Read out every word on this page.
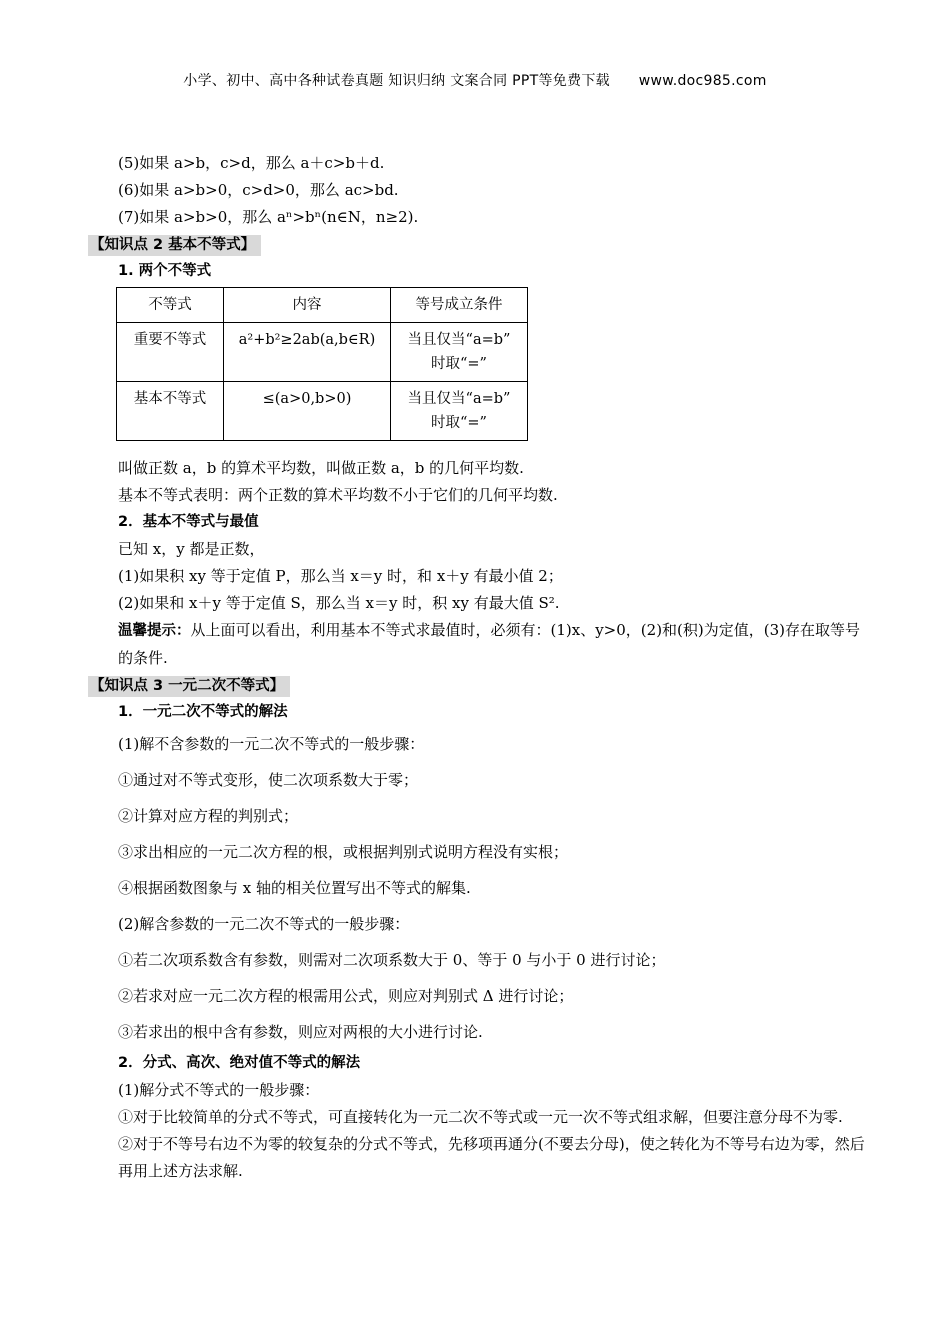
小学、初中、高中各种试卷真题 知识归纳 文案合同 PPT等免费下载 www.doc985.com
(5)如果 a>b，c>d，那么 a＋c>b＋d.
(6)如果 a>b>0，c>d>0，那么 ac>bd.
(7)如果 a>b>0，那么 aⁿ>bⁿ(n∈N，n≥2).
【知识点 2 基本不等式】
1. 两个不等式
不等式	内容	等号成立条件
重要不等式	a²+b²≥2ab(a,b∈R)	当且仅当“a=b”
时取“=”

基本不等式	≤(a>0,b>0)	当且仅当“a=b”
时取“=”
叫做正数 a，b 的算术平均数，叫做正数 a，b 的几何平均数.
基本不等式表明：两个正数的算术平均数不小于它们的几何平均数.
2．基本不等式与最值
已知 x，y 都是正数，
(1)如果积 xy 等于定值 P，那么当 x＝y 时，和 x＋y 有最小值 2；
(2)如果和 x＋y 等于定值 S，那么当 x＝y 时，积 xy 有最大值 S².
温馨提示：从上面可以看出，利用基本不等式求最值时，必须有：(1)x、y>0，(2)和(积)为定值，(3)存在取等号的条件.
【知识点 3 一元二次不等式】
1．一元二次不等式的解法
(1)解不含参数的一元二次不等式的一般步骤：
①通过对不等式变形，使二次项系数大于零；
②计算对应方程的判别式；
③求出相应的一元二次方程的根，或根据判别式说明方程没有实根；
④根据函数图象与 x 轴的相关位置写出不等式的解集.
(2)解含参数的一元二次不等式的一般步骤：
①若二次项系数含有参数，则需对二次项系数大于 0、等于 0 与小于 0 进行讨论；
②若求对应一元二次方程的根需用公式，则应对判别式 Δ 进行讨论；
③若求出的根中含有参数，则应对两根的大小进行讨论.
2．分式、高次、绝对值不等式的解法
(1)解分式不等式的一般步骤：
①对于比较简单的分式不等式，可直接转化为一元二次不等式或一元一次不等式组求解，但要注意分母不为零.
②对于不等号右边不为零的较复杂的分式不等式，先移项再通分(不要去分母)，使之转化为不等号右边为零，然后再用上述方法求解.
